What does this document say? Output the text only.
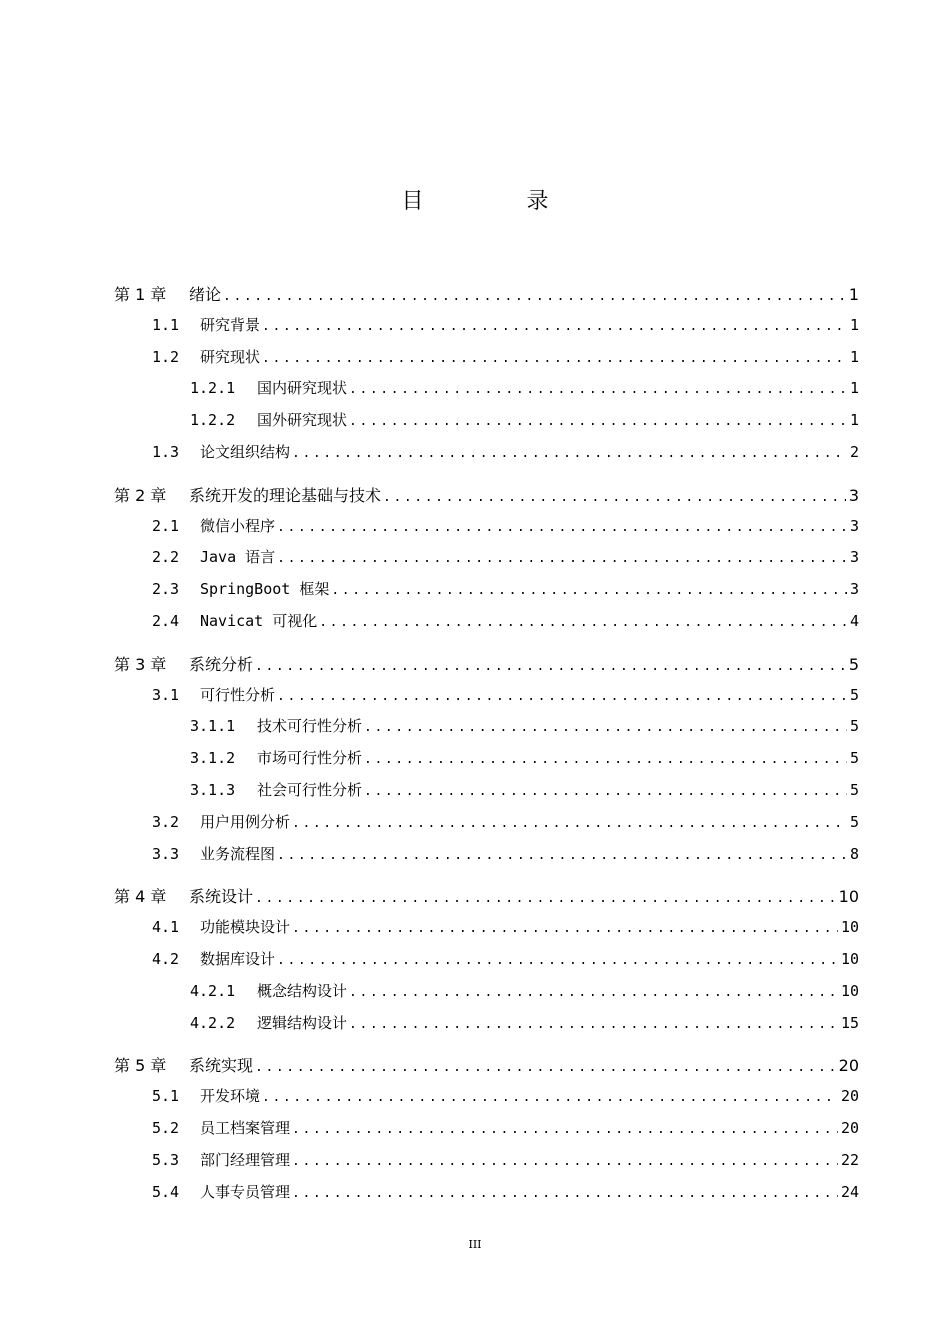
目 录
第 1 章	绪论 .....	1
1.1	研究背景 .....	1
1.2	研究现状 .....	1
1.2.1	国内研究现状 .....	1
1.2.2	国外研究现状 .....	1
1.3	论文组织结构 .....	2
第 2 章	系统开发的理论基础与技术 .....	3
2.1	微信小程序 .....	3
2.2	Java 语言 .....	3
2.3	SpringBoot 框架 .....	3
2.4	Navicat 可视化 .....	4
第 3 章	系统分析 .....	5
3.1	可行性分析 .....	5
3.1.1	技术可行性分析 .....	5
3.1.2	市场可行性分析 .....	5
3.1.3	社会可行性分析 .....	5
3.2	用户用例分析 .....	5
3.3	业务流程图 .....	8
第 4 章	系统设计 .....	10
4.1	功能模块设计 .....	10
4.2	数据库设计 .....	10
4.2.1	概念结构设计 .....	10
4.2.2	逻辑结构设计 .....	15
第 5 章	系统实现 .....	20
5.1	开发环境 .....	20
5.2	员工档案管理 .....	20
5.3	部门经理管理 .....	22
5.4	人事专员管理 .....	24
III
